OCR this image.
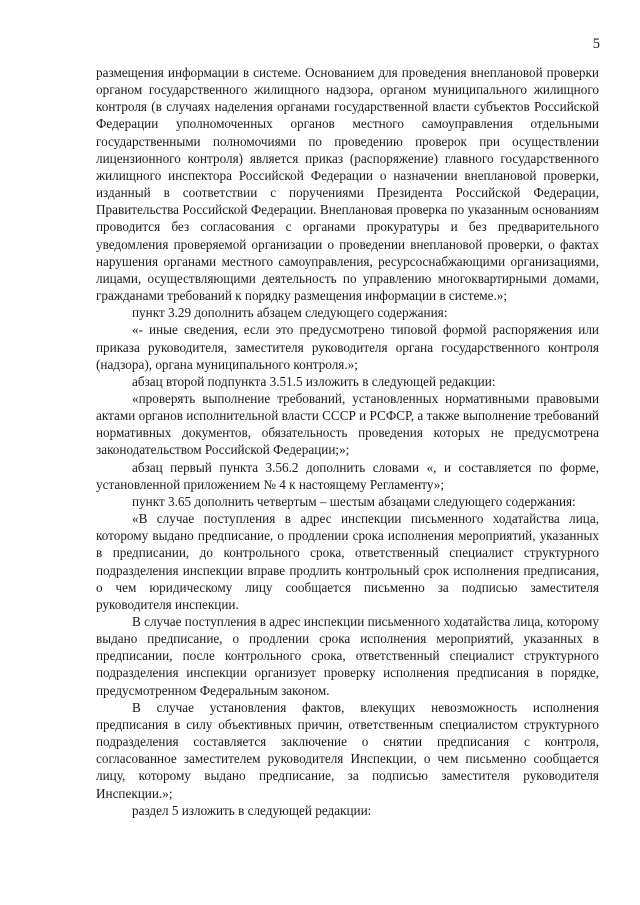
5

размещения информации в системе. Основанием для проведения внеплановой проверки органом государственного жилищного надзора, органом муниципального жилищного контроля (в случаях наделения органами государственной власти субъектов Российской Федерации уполномоченных органов местного самоуправления отдельными государственными полномочиями по проведению проверок при осуществлении лицензионного контроля) является приказ (распоряжение) главного государственного жилищного инспектора Российской Федерации о назначении внеплановой проверки, изданный в соответствии с поручениями Президента Российской Федерации, Правительства Российской Федерации. Внеплановая проверка по указанным основаниям проводится без согласования с органами прокуратуры и без предварительного уведомления проверяемой организации о проведении внеплановой проверки, о фактах нарушения органами местного самоуправления, ресурсоснабжающими организациями, лицами, осуществляющими деятельность по управлению многоквартирными домами, гражданами требований к порядку размещения информации в системе.»;

пункт 3.29 дополнить абзацем следующего содержания:

«- иные сведения, если это предусмотрено типовой формой распоряжения или приказа руководителя, заместителя руководителя органа государственного контроля (надзора), органа муниципального контроля.»;

абзац второй подпункта 3.51.5 изложить в следующей редакции:

«проверять выполнение требований, установленных нормативными правовыми актами органов исполнительной власти СССР и РСФСР, а также выполнение требований нормативных документов, обязательность проведения которых не предусмотрена законодательством Российской Федерации;»;

абзац первый пункта 3.56.2 дополнить словами «, и составляется по форме, установленной приложением № 4 к настоящему Регламенту»;

пункт 3.65 дополнить четвертым – шестым абзацами следующего содержания:

«В случае поступления в адрес инспекции письменного ходатайства лица, которому выдано предписание, о продлении срока исполнения мероприятий, указанных в предписании, до контрольного срока, ответственный специалист структурного подразделения инспекции вправе продлить контрольный срок исполнения предписания, о чем юридическому лицу сообщается письменно за подписью заместителя руководителя инспекции.

В случае поступления в адрес инспекции письменного ходатайства лица, которому выдано предписание, о продлении срока исполнения мероприятий, указанных в предписании, после контрольного срока, ответственный специалист структурного подразделения инспекции организует проверку исполнения предписания в порядке, предусмотренном Федеральным законом.

В случае установления фактов, влекущих невозможность исполнения предписания в силу объективных причин, ответственным специалистом структурного подразделения составляется заключение о снятии предписания с контроля, согласованное заместителем руководителя Инспекции, о чем письменно сообщается лицу, которому выдано предписание, за подписью заместителя руководителя Инспекции.»;

раздел 5 изложить в следующей редакции:
